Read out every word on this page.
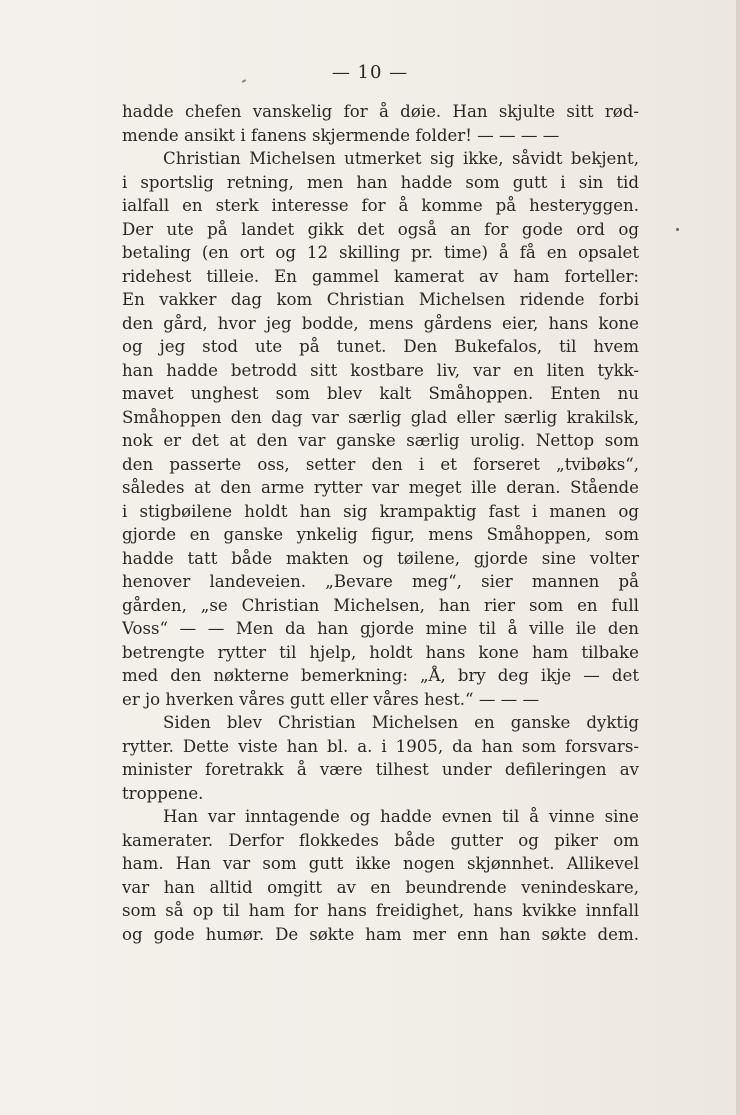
— 10 —
hadde chefen vanskelig for å døie. Han skjulte sitt rød-
mende ansikt i fanens skjermende folder! — — — —
Christian Michelsen utmerket sig ikke, såvidt bekjent,
i sportslig retning, men han hadde som gutt i sin tid
ialfall en sterk interesse for å komme på hesteryggen.
Der ute på landet gikk det også an for gode ord og
betaling (en ort og 12 skilling pr. time) å få en opsalet
ridehest tilleie. En gammel kamerat av ham forteller:
En vakker dag kom Christian Michelsen ridende forbi
den gård, hvor jeg bodde, mens gårdens eier, hans kone
og jeg stod ute på tunet. Den Bukefalos, til hvem
han hadde betrodd sitt kostbare liv, var en liten tykk-
mavet unghest som blev kalt Småhoppen. Enten nu
Småhoppen den dag var særlig glad eller særlig krakilsk,
nok er det at den var ganske særlig urolig. Nettop som
den passerte oss, setter den i et forseret „tvibøks“,
således at den arme rytter var meget ille deran. Stående
i stigbøilene holdt han sig krampaktig fast i manen og
gjorde en ganske ynkelig figur, mens Småhoppen, som
hadde tatt både makten og tøilene, gjorde sine volter
henover landeveien. „Bevare meg“, sier mannen på
gården, „se Christian Michelsen, han rier som en full
Voss“ — — Men da han gjorde mine til å ville ile den
betrengte rytter til hjelp, holdt hans kone ham tilbake
med den nøkterne bemerkning: „Å, bry deg ikje — det
er jo hverken våres gutt eller våres hest.“ — — —
Siden blev Christian Michelsen en ganske dyktig
rytter. Dette viste han bl. a. i 1905, da han som forsvars-
minister foretrakk å være tilhest under defileringen av
troppene.
Han var inntagende og hadde evnen til å vinne sine
kamerater. Derfor flokkedes både gutter og piker om
ham. Han var som gutt ikke nogen skjønnhet. Allikevel
var han alltid omgitt av en beundrende venindeskare,
som så op til ham for hans freidighet, hans kvikke innfall
og gode humør. De søkte ham mer enn han søkte dem.
